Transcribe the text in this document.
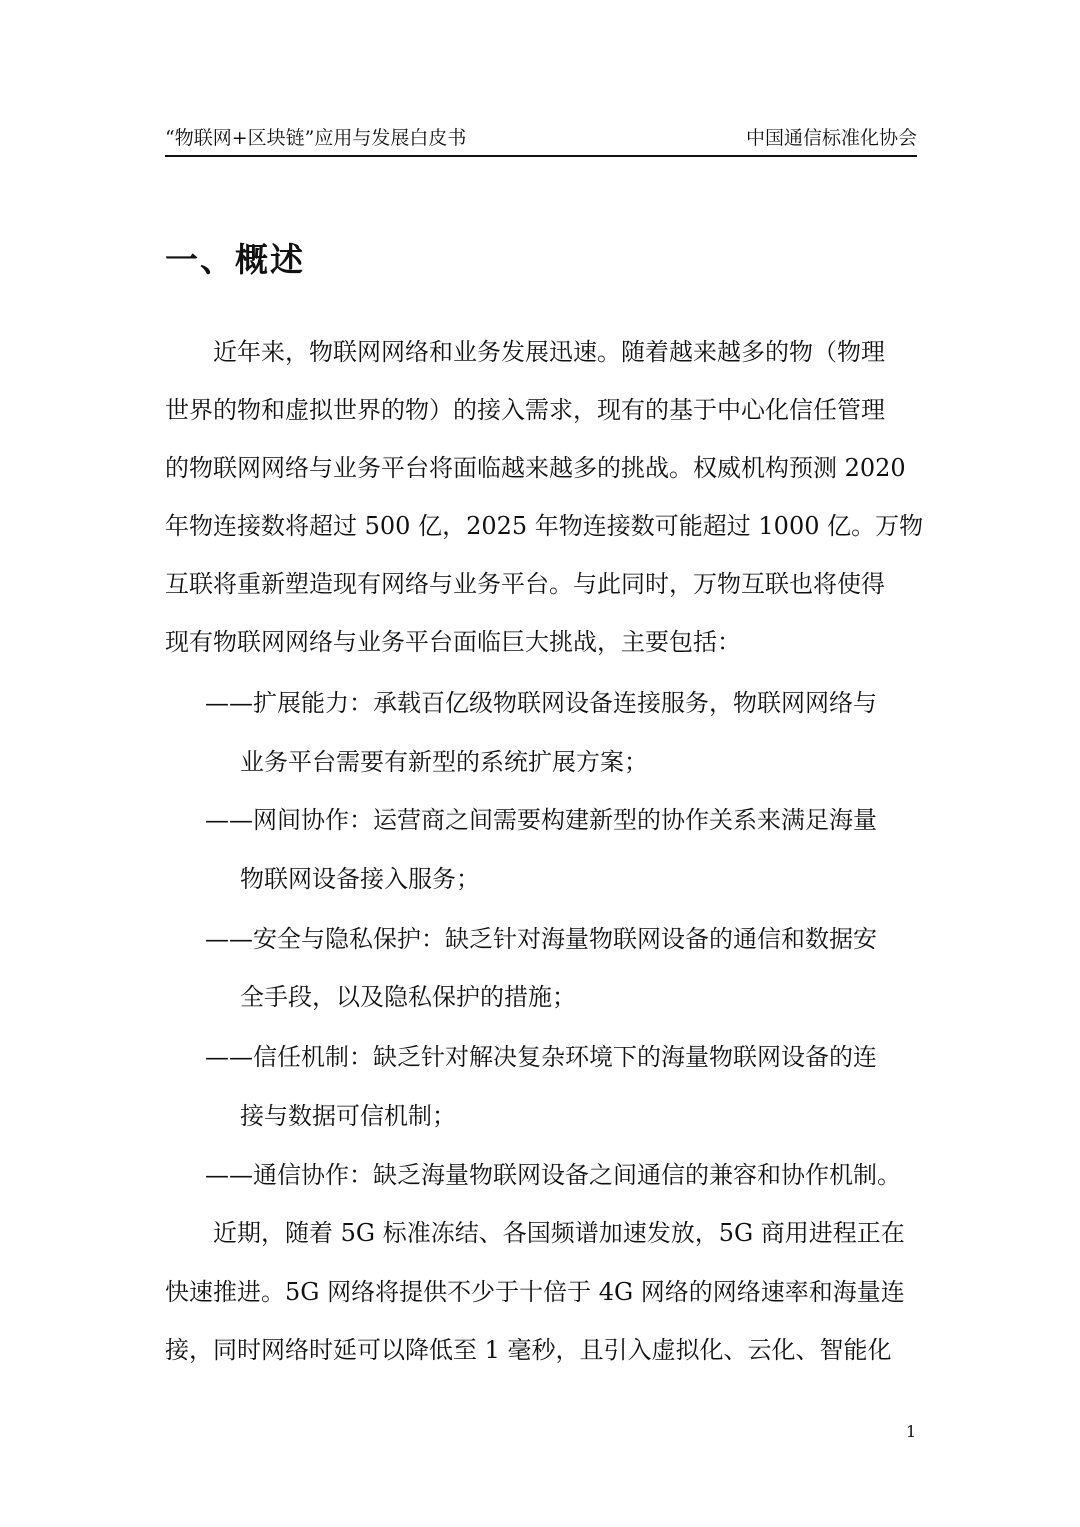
“物联网+区块链”应用与发展白皮书	中国通信标准化协会
一、概述
近年来，物联网网络和业务发展迅速。随着越来越多的物（物理
世界的物和虚拟世界的物）的接入需求，现有的基于中心化信任管理
的物联网网络与业务平台将面临越来越多的挑战。权威机构预测 2020
年物连接数将超过 500 亿，2025 年物连接数可能超过 1000 亿。万物
互联将重新塑造现有网络与业务平台。与此同时，万物互联也将使得
现有物联网网络与业务平台面临巨大挑战，主要包括：
——扩展能力：承载百亿级物联网设备连接服务，物联网网络与
业务平台需要有新型的系统扩展方案；
——网间协作：运营商之间需要构建新型的协作关系来满足海量
物联网设备接入服务；
——安全与隐私保护：缺乏针对海量物联网设备的通信和数据安
全手段，以及隐私保护的措施；
——信任机制：缺乏针对解决复杂环境下的海量物联网设备的连
接与数据可信机制；
——通信协作：缺乏海量物联网设备之间通信的兼容和协作机制。
近期，随着 5G 标准冻结、各国频谱加速发放，5G 商用进程正在
快速推进。5G 网络将提供不少于十倍于 4G 网络的网络速率和海量连
接，同时网络时延可以降低至 1 毫秒，且引入虚拟化、云化、智能化
1
